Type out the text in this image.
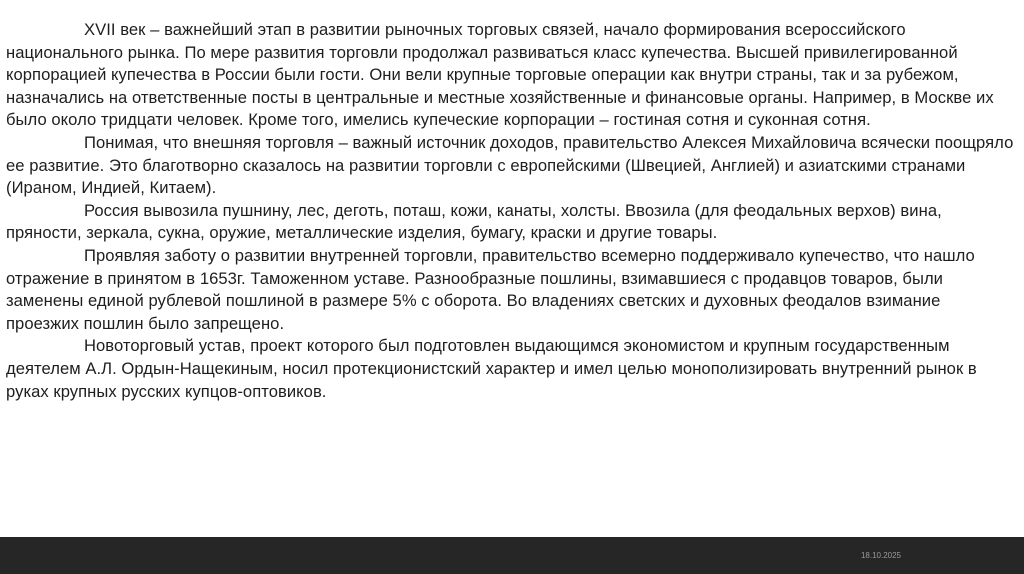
XVII век – важнейший этап в развитии рыночных торговых связей, начало формирования всероссийского национального рынка. По мере развития торговли продолжал развиваться класс купечества. Высшей привилегированной корпорацией купечества в России были гости. Они вели крупные торговые операции как внутри страны, так и за рубежом, назначались на ответственные посты в центральные и местные хозяйственные и финансовые органы. Например, в Москве их было около тридцати человек. Кроме того, имелись купеческие корпорации – гостиная сотня и суконная сотня.

Понимая, что внешняя торговля – важный источник доходов, правительство Алексея Михайловича всячески поощряло ее развитие. Это благотворно сказалось на развитии торговли с европейскими (Швецией, Англией) и азиатскими странами (Ираном, Индией, Китаем).

Россия вывозила пушнину, лес, деготь, поташ, кожи, канаты, холсты. Ввозила (для феодальных верхов) вина, пряности, зеркала, сукна, оружие, металлические изделия, бумагу, краски и другие товары.

Проявляя заботу о развитии внутренней торговли, правительство всемерно поддерживало купечество, что нашло отражение в принятом в 1653г. Таможенном уставе. Разнообразные пошлины, взимавшиеся с продавцов товаров, были заменены единой рублевой пошлиной в размере 5% с оборота. Во владениях светских и духовных феодалов взимание проезжих пошлин было запрещено.

Новоторговый устав, проект которого был подготовлен выдающимся экономистом и крупным государственным деятелем А.Л. Ордын-Нащекиным, носил протекционистский характер и имел целью монополизировать внутренний рынок в руках крупных русских купцов-оптовиков.

18.10.2025
